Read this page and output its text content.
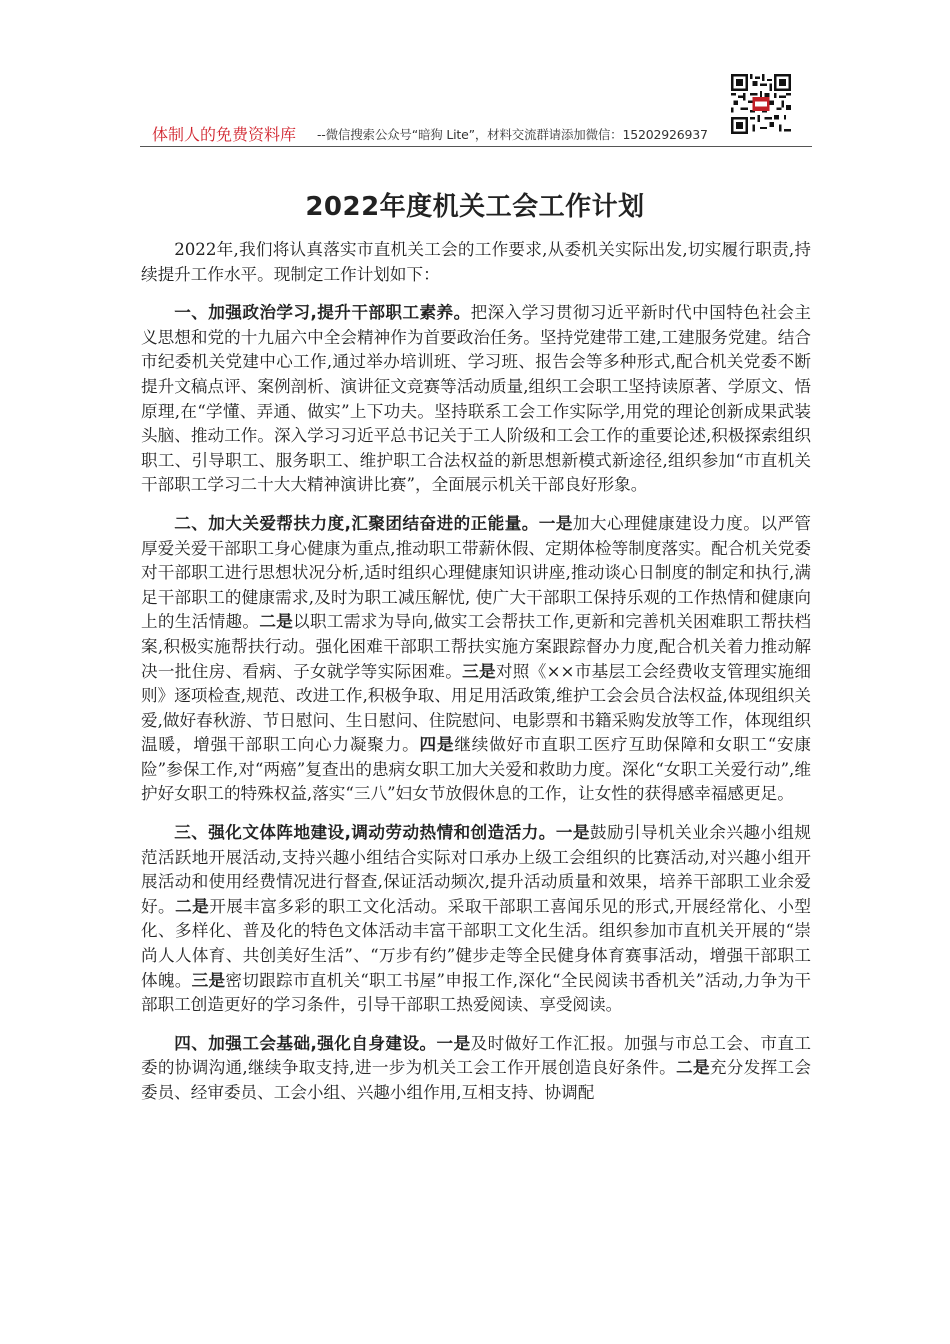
体制人的免费资料库 --微信搜索公众号“暗狗 Lite”，材料交流群请添加微信：15202926937
2022年度机关工会工作计划

2022年,我们将认真落实市直机关工会的工作要求,从委机关实际出发,切实履行职责,持续提升工作水平。现制定工作计划如下：

一、加强政治学习,提升干部职工素养。把深入学习贯彻习近平新时代中国特色社会主义思想和党的十九届六中全会精神作为首要政治任务。坚持党建带工建,工建服务党建。结合市纪委机关党建中心工作,通过举办培训班、学习班、报告会等多种形式,配合机关党委不断提升文稿点评、案例剖析、演讲征文竞赛等活动质量,组织工会职工坚持读原著、学原文、悟原理,在“学懂、弄通、做实”上下功夫。坚持联系工会工作实际学,用党的理论创新成果武装头脑、推动工作。深入学习习近平总书记关于工人阶级和工会工作的重要论述,积极探索组织职工、引导职工、服务职工、维护职工合法权益的新思想新模式新途径,组织参加“市直机关干部职工学习二十大大精神演讲比赛”，全面展示机关干部良好形象。

二、加大关爱帮扶力度,汇聚团结奋进的正能量。一是加大心理健康建设力度。以严管厚爱关爱干部职工身心健康为重点,推动职工带薪休假、定期体检等制度落实。配合机关党委对干部职工进行思想状况分析,适时组织心理健康知识讲座,推动谈心日制度的制定和执行,满足干部职工的健康需求,及时为职工减压解忧, 使广大干部职工保持乐观的工作热情和健康向上的生活情趣。二是以职工需求为导向,做实工会帮扶工作,更新和完善机关困难职工帮扶档案,积极实施帮扶行动。强化困难干部职工帮扶实施方案跟踪督办力度,配合机关着力推动解决一批住房、看病、子女就学等实际困难。三是对照《××市基层工会经费收支管理实施细则》逐项检查,规范、改进工作,积极争取、用足用活政策,维护工会会员合法权益,体现组织关爱,做好春秋游、节日慰问、生日慰问、住院慰问、电影票和书籍采购发放等工作，体现组织温暖，增强干部职工向心力凝聚力。四是继续做好市直职工医疗互助保障和女职工“安康险”参保工作,对“两癌”复查出的患病女职工加大关爱和救助力度。深化“女职工关爱行动”,维护好女职工的特殊权益,落实“三八”妇女节放假休息的工作，让女性的获得感幸福感更足。

三、强化文体阵地建设,调动劳动热情和创造活力。一是鼓励引导机关业余兴趣小组规范活跃地开展活动,支持兴趣小组结合实际对口承办上级工会组织的比赛活动,对兴趣小组开展活动和使用经费情况进行督查,保证活动频次,提升活动质量和效果，培养干部职工业余爱好。二是开展丰富多彩的职工文化活动。采取干部职工喜闻乐见的形式,开展经常化、小型化、多样化、普及化的特色文体活动丰富干部职工文化生活。组织参加市直机关开展的“崇尚人人体育、共创美好生活”、“万步有约”健步走等全民健身体育赛事活动，增强干部职工体魄。三是密切跟踪市直机关“职工书屋”申报工作,深化“全民阅读书香机关”活动,力争为干部职工创造更好的学习条件，引导干部职工热爱阅读、享受阅读。

四、加强工会基础,强化自身建设。一是及时做好工作汇报。加强与市总工会、市直工委的协调沟通,继续争取支持,进一步为机关工会工作开展创造良好条件。二是充分发挥工会委员、经审委员、工会小组、兴趣小组作用,互相支持、协调配
